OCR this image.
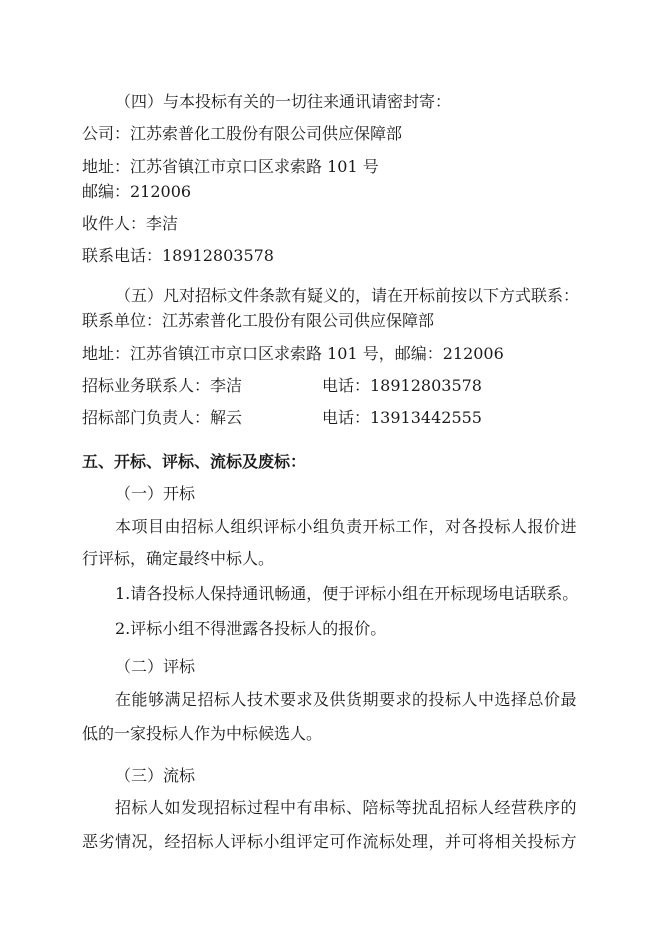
（四）与本投标有关的一切往来通讯请密封寄：
公司：江苏索普化工股份有限公司供应保障部
地址：江苏省镇江市京口区求索路 101 号
邮编：212006
收件人：李洁
联系电话：18912803578
（五）凡对招标文件条款有疑义的，请在开标前按以下方式联系：
联系单位：江苏索普化工股份有限公司供应保障部
地址：江苏省镇江市京口区求索路 101 号，邮编：212006
招标业务联系人：李洁	电话：18912803578
招标部门负责人：解云	电话：13913442555
五、开标、评标、流标及废标：
（一）开标
本项目由招标人组织评标小组负责开标工作，对各投标人报价进
行评标，确定最终中标人。
1.请各投标人保持通讯畅通，便于评标小组在开标现场电话联系。
2.评标小组不得泄露各投标人的报价。
（二）评标
在能够满足招标人技术要求及供货期要求的投标人中选择总价最
低的一家投标人作为中标候选人。
（三）流标
招标人如发现招标过程中有串标、陪标等扰乱招标人经营秩序的
恶劣情况，经招标人评标小组评定可作流标处理，并可将相关投标方
